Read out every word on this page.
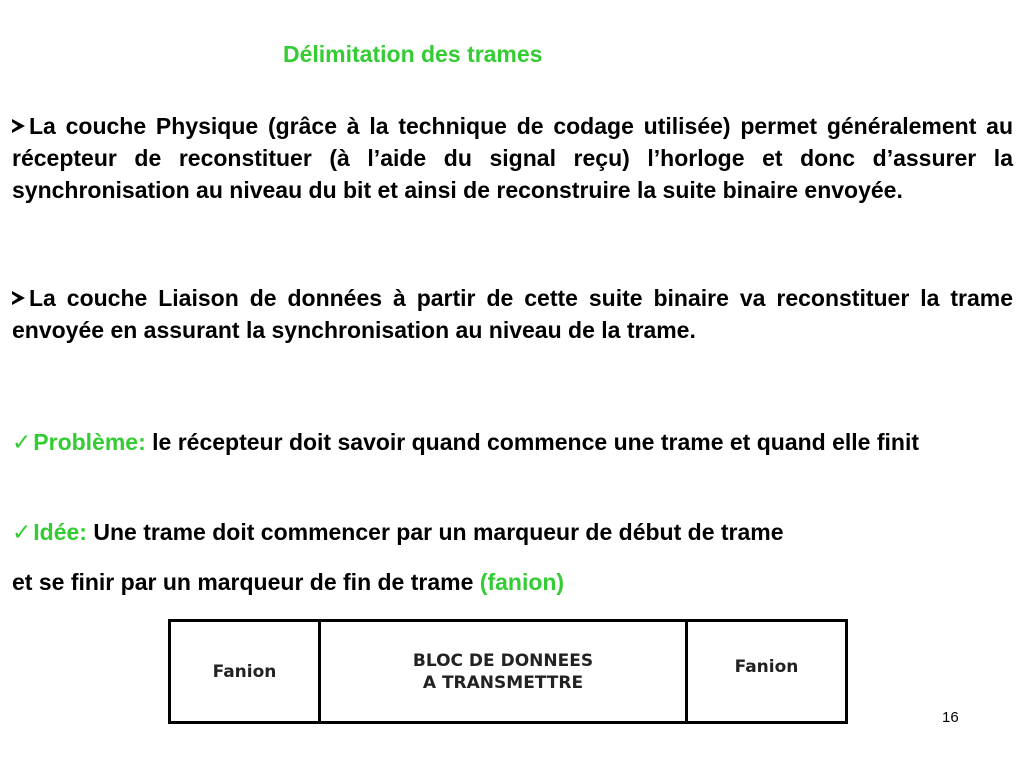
Délimitation des trames
La couche Physique (grâce à la technique de codage utilisée) permet généralement au récepteur de reconstituer (à l’aide du signal reçu) l’horloge et donc d’assurer la synchronisation au niveau du bit et ainsi de reconstruire la suite binaire envoyée.
La couche Liaison de données à partir de cette suite binaire va reconstituer la trame envoyée en assurant la synchronisation au niveau de la trame.
✓Problème: le récepteur doit savoir quand commence une trame et quand elle finit
✓Idée: Une trame doit commencer par un marqueur de début de trame
et se finir par un marqueur de fin de trame (fanion)
Fanion
BLOC DE DONNEES
A TRANSMETTRE
Fanion
16
